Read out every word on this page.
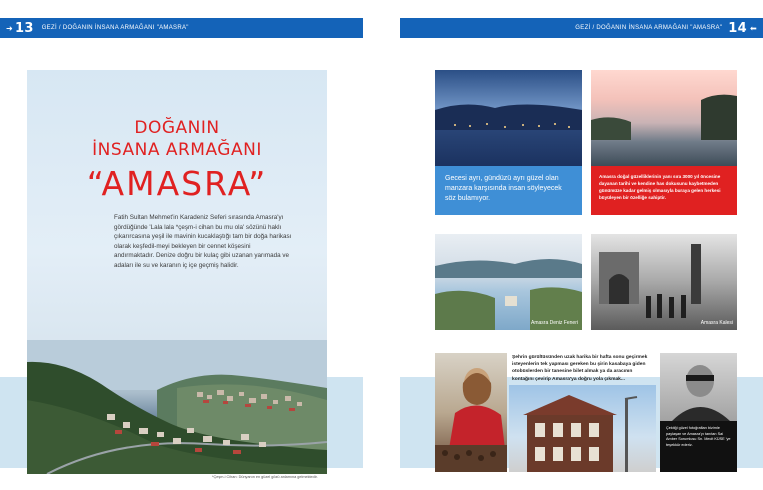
➜ 13 GEZİ / DOĞANIN İNSANA ARMAĞANI "AMASRA"
DOĞANIN
İNSANA ARMAĞANI
“AMASRA”
Fatih Sultan Mehmet'in Karadeniz Seferi sırasında Amasra'yı gördüğünde 'Lala lala *çeşm-i cihan bu mu ola' sözünü haklı çıkarırcasına yeşil ile mavinin kucaklaştığı tam bir doğa harikası olarak keşfedil-meyi bekleyen bir cennet köşesini andırmaktadır. Denize doğru bir kulaç gibi uzanan yarımada ve adaları ile su ve karanın iç içe geçmiş halidir.
*Çeşm-i Cihan: Dünyanın en güzel gözü anlamına gelmektedir.
GEZİ / DOĞANIN İNSANA ARMAĞANI "AMASRA" 14 ⬅
Gecesi ayrı, gündüzü ayrı güzel olan manzara karşısında insan söyleyecek söz bulamıyor.
Amasra doğal güzelliklerinin yanı sıra 3000 yıl öncesine dayanan tarihi ve kendine has dokusunu kaybetmeden günümüze kadar gelmiş olmasıyla buraya gelen herkesi büyüleyen bir özelliğe sahiptir.
Amasra Deniz Feneri	Amasra Kalesi
Şehrin gürültüsünden uzak harika bir hafta sonu geçirmek isteyenlerin tek yapması gereken bu şirin kasabaya giden otobüslerden bir tanesine bilet almak ya da aracının kontağını çevirip Amasra'ya doğru yola çıkmak...
Çektiği güzel fotoğrafları bizimle paylaşan ve Amasra'yı tanıtan Sai Amber Sorumlusu Sn. Mecit KÜSE 'ye teşekkür ederiz.
